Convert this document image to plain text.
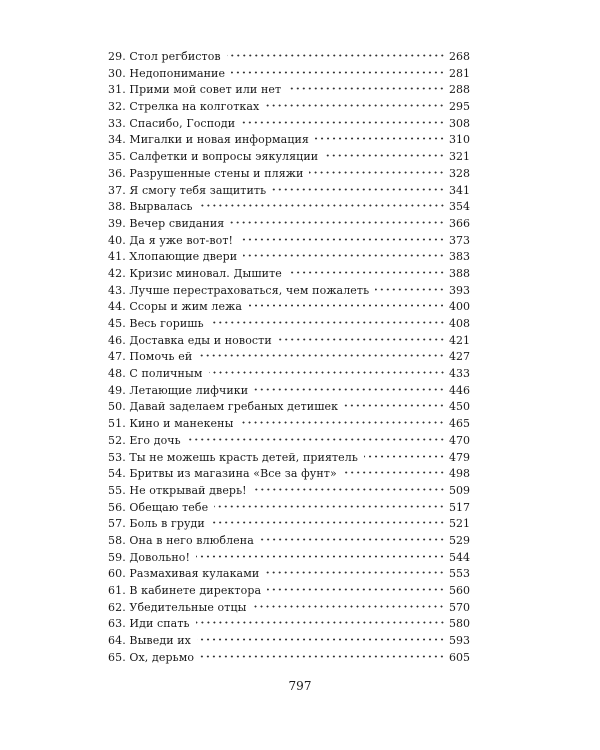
29. Стол регбистов	268
30. Недопонимание	281
31. Прими мой совет или нет	288
32. Стрелка на колготках	295
33. Спасибо, Господи	308
34. Мигалки и новая информация	310
35. Салфетки и вопросы эякуляции	321
36. Разрушенные стены и пляжи	328
37. Я смогу тебя защитить	341
38. Вырвалась	354
39. Вечер свидания	366
40. Да я уже вот-вот!	373
41. Хлопающие двери	383
42. Кризис миновал. Дышите	388
43. Лучше перестраховаться, чем пожалеть	393
44. Ссоры и жим лежа	400
45. Весь горишь	408
46. Доставка еды и новости	421
47. Помочь ей	427
48. С поличным	433
49. Летающие лифчики	446
50. Давай заделаем гребаных детишек	450
51. Кино и манекены	465
52. Его дочь	470
53. Ты не можешь красть детей, приятель	479
54. Бритвы из магазина «Все за фунт»	498
55. Не открывай дверь!	509
56. Обещаю тебе	517
57. Боль в груди	521
58. Она в него влюблена	529
59. Довольно!	544
60. Размахивая кулаками	553
61. В кабинете директора	560
62. Убедительные отцы	570
63. Иди спать	580
64. Выведи их	593
65. Ох, дерьмо	605
797
